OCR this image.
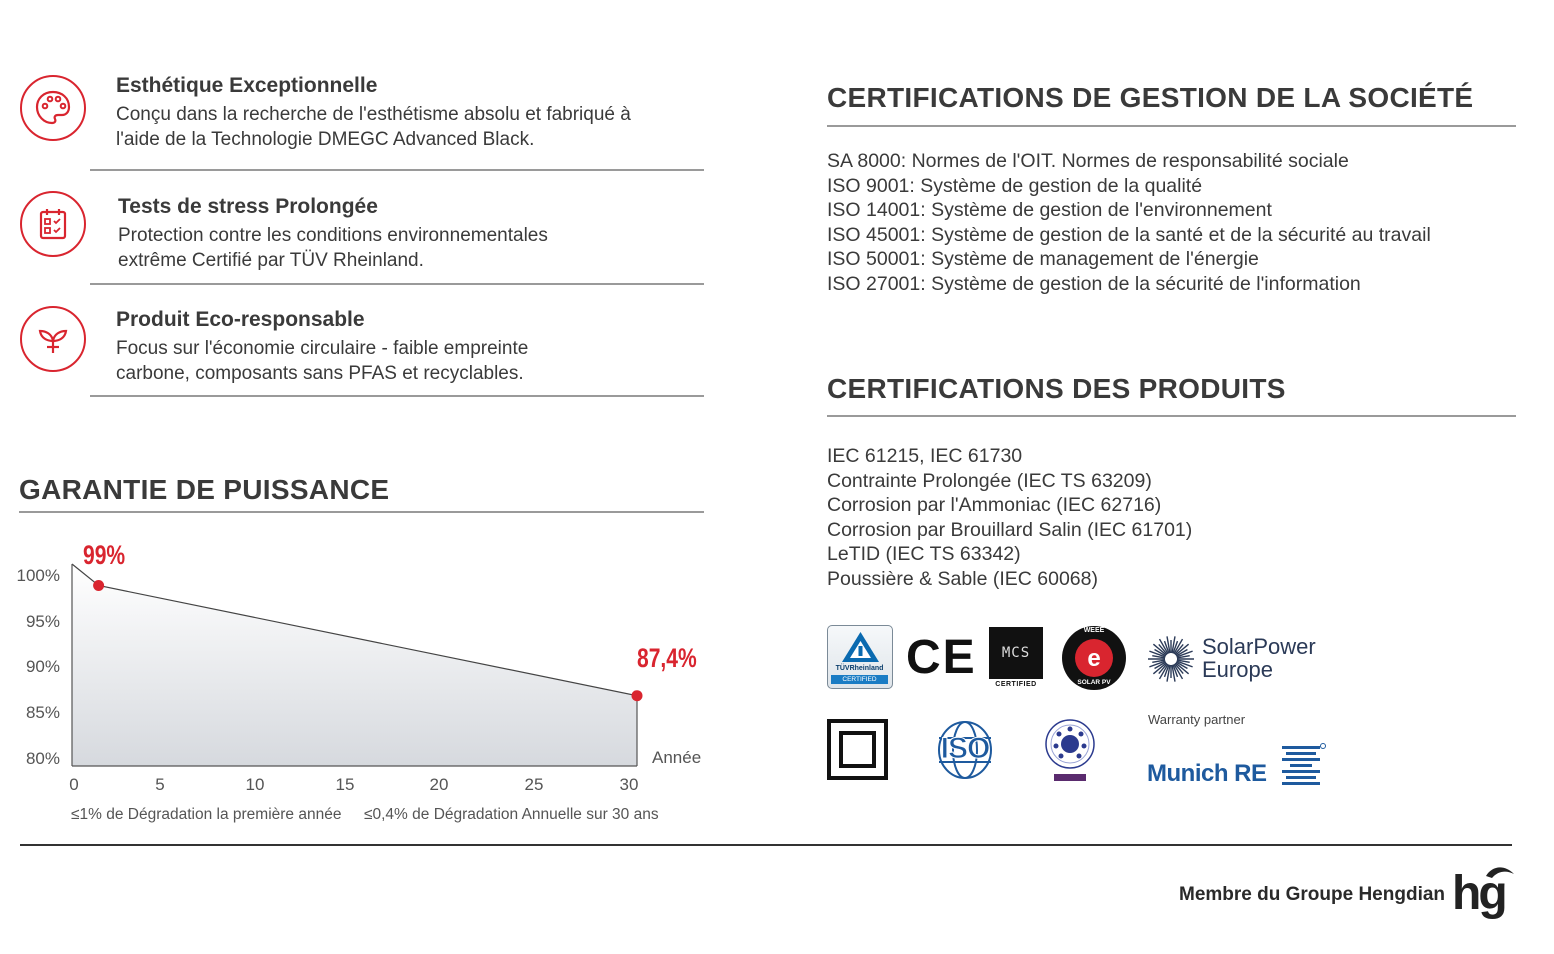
Esthétique Exceptionnelle
Conçu dans la recherche de l'esthétisme absolu et fabriqué à
l'aide de la Technologie DMEGC Advanced Black.
Tests de stress Prolongée
Protection contre les conditions environnementales
extrême Certifié par TÜV Rheinland.
Produit Eco-responsable
Focus sur l'économie circulaire - faible empreinte
carbone, composants sans PFAS et recyclables.
GARANTIE DE PUISSANCE
100%
95%
90%
85%
80%
0	5	10	15	20	25	30
Année
99%
87,4%
≤1% de Dégradation la première année ≤0,4% de Dégradation Annuelle sur 30 ans
CERTIFICATIONS DE GESTION DE LA SOCIÉTÉ
SA 8000: Normes de l'OIT. Normes de responsabilité sociale
ISO 9001: Système de gestion de la qualité
ISO 14001: Système de gestion de l'environnement
ISO 45001: Système de gestion de la santé et de la sécurité au travail
ISO 50001: Système de management de l'énergie
ISO 27001: Système de gestion de la sécurité de l'information
CERTIFICATIONS DES PRODUITS
IEC 61215, IEC 61730
Contrainte Prolongée (IEC TS 63209)
Corrosion par l'Ammoniac (IEC 62716)
Corrosion par Brouillard Salin (IEC 61701)
LeTID (IEC TS 63342)
Poussière & Sable (IEC 60068)
TÜVRheinland
CERTIFIED CE	MCS
CERTIFIED
e
WEEE
SOLAR PV
SolarPower
Europe
ISO
Warranty partner
Munich RE
Membre du Groupe Hengdian hg
